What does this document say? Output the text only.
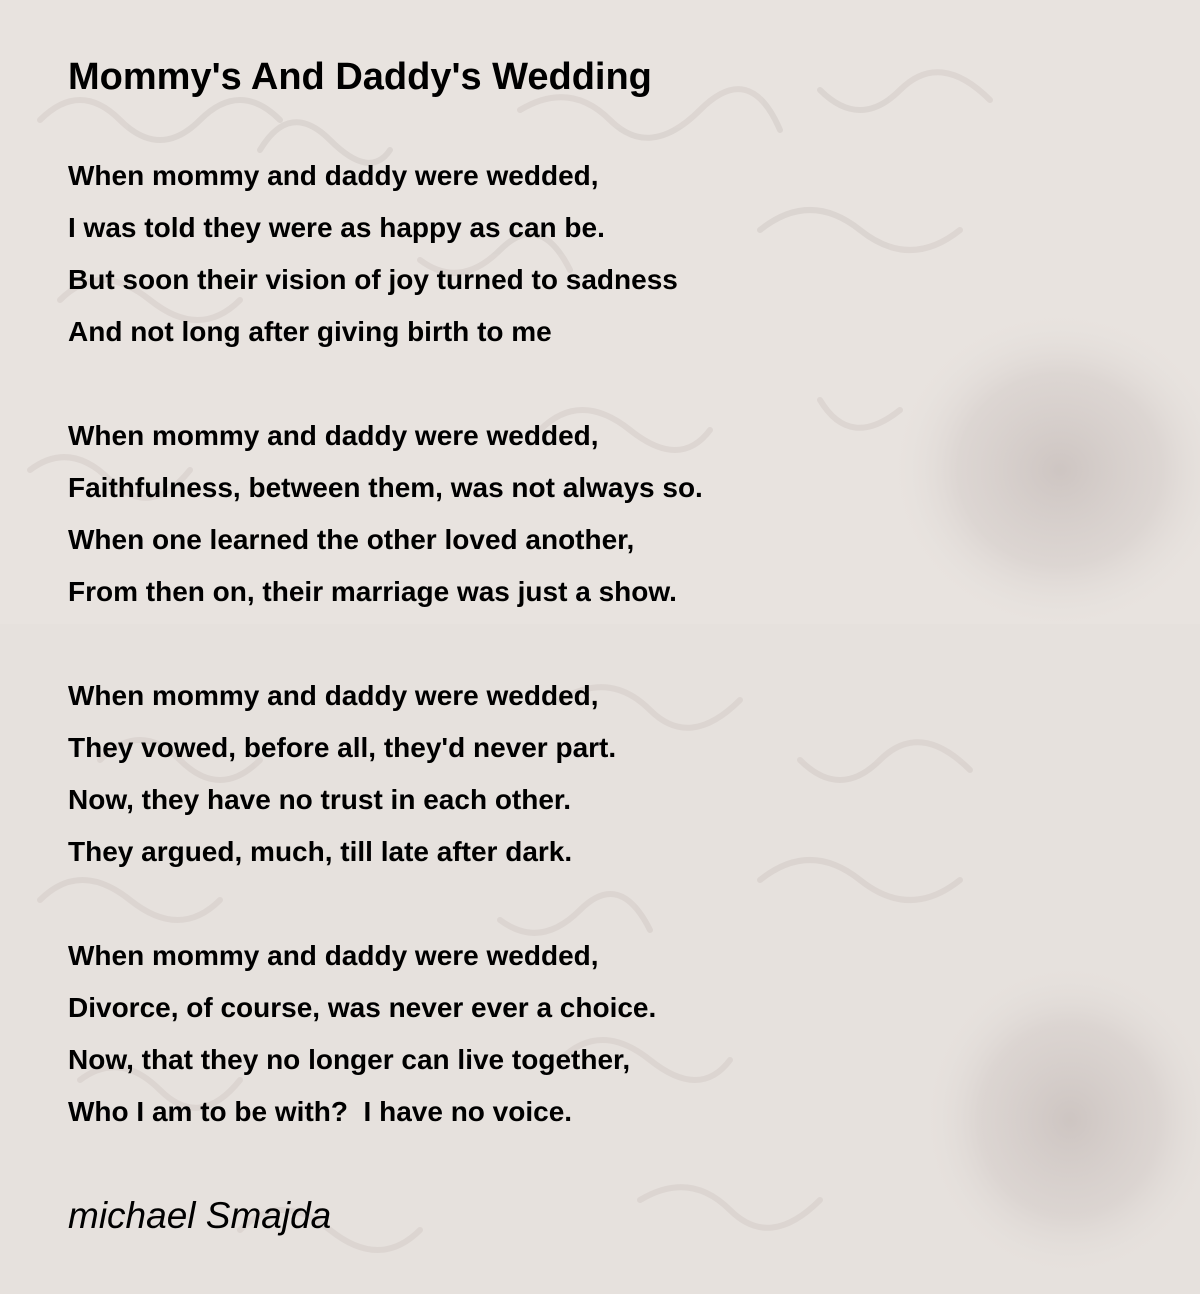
Mommy's And Daddy's Wedding
When mommy and daddy were wedded,
I was told they were as happy as can be.
But soon their vision of joy turned to sadness
And not long after giving birth to me
When mommy and daddy were wedded,
Faithfulness, between them, was not always so.
When one learned the other loved another,
From then on, their marriage was just a show.
When mommy and daddy were wedded,
They vowed, before all, they'd never part.
Now, they have no trust in each other.
They argued, much, till late after dark.
When mommy and daddy were wedded,
Divorce, of course, was never ever a choice.
Now, that they no longer can live together,
Who I am to be with?  I have no voice.
michael Smajda
